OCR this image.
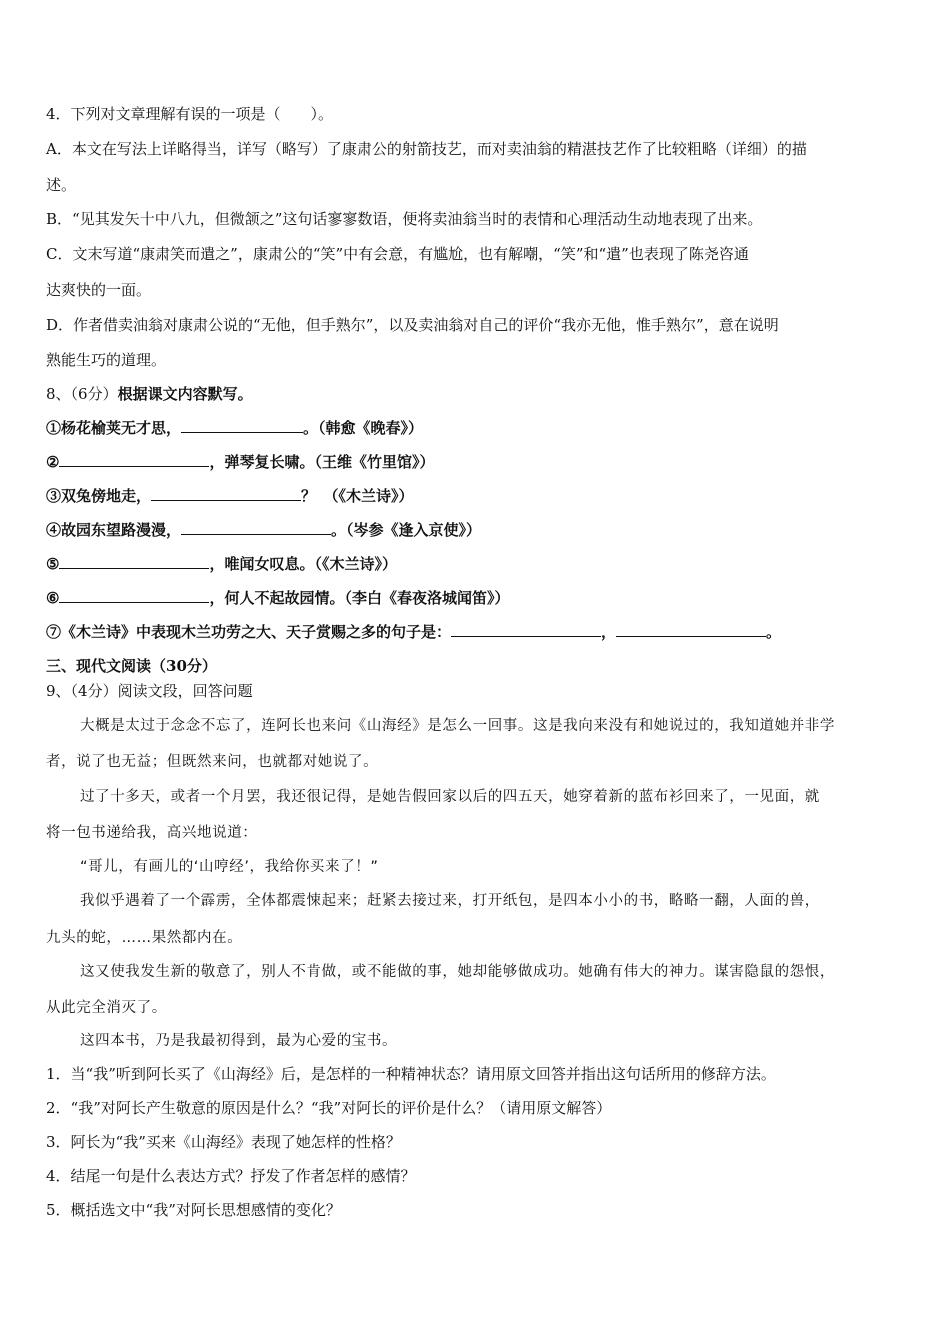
4．下列对文章理解有误的一项是（　　）。
A．本文在写法上详略得当，详写（略写）了康肃公的射箭技艺，而对卖油翁的精湛技艺作了比较粗略（详细）的描
述。
B．“见其发矢十中八九，但微颔之”这句话寥寥数语，便将卖油翁当时的表情和心理活动生动地表现了出来。
C．文末写道“康肃笑而遣之”，康肃公的“笑”中有会意，有尴尬，也有解嘲，“笑”和“遣”也表现了陈尧咨通
达爽快的一面。
D．作者借卖油翁对康肃公说的“无他，但手熟尔”，以及卖油翁对自己的评价“我亦无他，惟手熟尔”，意在说明
熟能生巧的道理。
8、（6分）根据课文内容默写。
①杨花榆荚无才思，	。（韩愈《晚春》）
②	，弹琴复长啸。（王维《竹里馆》）
③双兔傍地走，	？　（《木兰诗》）
④故园东望路漫漫，	。（岑参《逢入京使》）
⑤	，唯闻女叹息。（《木兰诗》）
⑥	，何人不起故园情。（李白《春夜洛城闻笛》）
⑦《木兰诗》中表现木兰功劳之大、天子赏赐之多的句子是：	，	。
三、现代文阅读（30分）
9、（4分）阅读文段，回答问题
大概是太过于念念不忘了，连阿长也来问《山海经》是怎么一回事。这是我向来没有和她说过的，我知道她并非学
者，说了也无益；但既然来问，也就都对她说了。
过了十多天，或者一个月罢，我还很记得，是她告假回家以后的四五天，她穿着新的蓝布衫回来了，一见面，就
将一包书递给我，高兴地说道：
“哥儿，有画儿的‘山哼经’，我给你买来了！”
我似乎遇着了一个霹雳，全体都震悚起来；赶紧去接过来，打开纸包，是四本小小的书，略略一翻，人面的兽，
九头的蛇，……果然都内在。
这又使我发生新的敬意了，别人不肯做，或不能做的事，她却能够做成功。她确有伟大的神力。谋害隐鼠的怨恨，
从此完全消灭了。
这四本书，乃是我最初得到，最为心爱的宝书。
1．当“我”听到阿长买了《山海经》后，是怎样的一种精神状态？请用原文回答并指出这句话所用的修辞方法。
2．“我”对阿长产生敬意的原因是什么？“我”对阿长的评价是什么？（请用原文解答）
3．阿长为“我”买来《山海经》表现了她怎样的性格？
4．结尾一句是什么表达方式？抒发了作者怎样的感情？
5．概括选文中“我”对阿长思想感情的变化？
